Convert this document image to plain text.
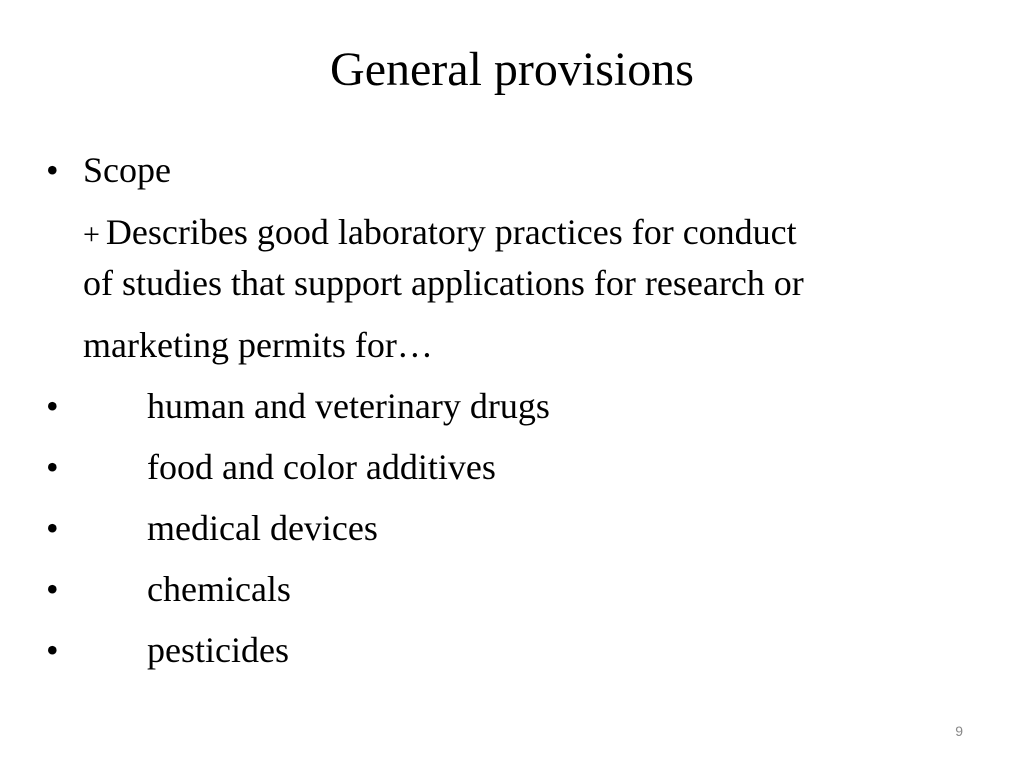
General provisions
• Scope
+ Describes good laboratory practices for conduct
of studies that support applications for research or
marketing permits for…
• human and veterinary drugs
• food and color additives
• medical devices
• chemicals
• pesticides
9
